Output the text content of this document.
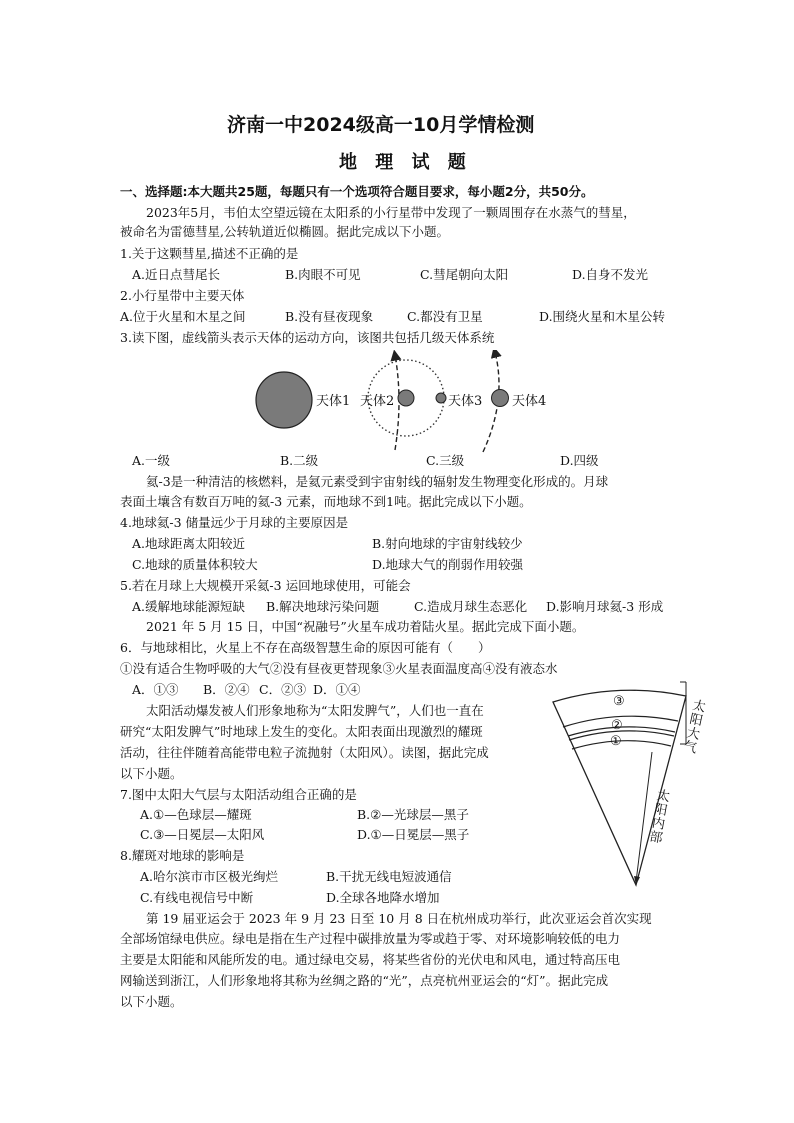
济南一中2024级高一10月学情检测
地 理 试 题
一、选择题:本大题共25题，每题只有一个选项符合题目要求，每小题2分，共50分。
2023年5月，韦伯太空望远镜在太阳系的小行星带中发现了一颗周围存在水蒸气的彗星，
被命名为雷德彗星,公转轨道近似椭圆。据此完成以下小题。
1.关于这颗彗星,描述不正确的是
A.近日点彗尾长	B.肉眼不可见	C.彗尾朝向太阳	D.自身不发光
2.小行星带中主要天体
A.位于火星和木星之间	B.没有昼夜现象	C.都没有卫星	D.围绕火星和木星公转
3.读下图，虚线箭头表示天体的运动方向，该图共包括几级天体系统
天体1 天体2	天体3 天体4
A.一级	B.二级	C.三级	D.四级
氦-3是一种清洁的核燃料，是氦元素受到宇宙射线的辐射发生物理变化形成的。月球
表面土壤含有数百万吨的氦-3 元素，而地球不到1吨。据此完成以下小题。
4.地球氦-3 储量远少于月球的主要原因是
A.地球距离太阳较近	B.射向地球的宇宙射线较少
C.地球的质量体积较大	D.地球大气的削弱作用较强
5.若在月球上大规模开采氦-3 运回地球使用，可能会
A.缓解地球能源短缺 B.解决地球污染问题	C.造成月球生态恶化 D.影响月球氦-3 形成
2021 年 5 月 15 日，中国“祝融号”火星车成功着陆火星。据此完成下面小题。
6．与地球相比，火星上不存在高级智慧生命的原因可能有（　　）
①没有适合生物呼吸的大气②没有昼夜更替现象③火星表面温度高④没有液态水
A．①③ B．②④ C．②③ D．①④
太阳活动爆发被人们形象地称为“太阳发脾气”，人们也一直在
研究“太阳发脾气”时地球上发生的变化。太阳表面出现激烈的耀斑
活动，往往伴随着高能带电粒子流抛射（太阳风）。读图，据此完成
以下小题。
③
②
①
太
阳
大
气
太
阳
内
部
7.图中太阳大气层与太阳活动组合正确的是
A.①—色球层—耀斑	B.②—光球层—黑子
C.③—日冕层—太阳风	D.①—日冕层—黑子
8.耀斑对地球的影响是
A.哈尔滨市市区极光绚烂	B.干扰无线电短波通信
C.有线电视信号中断	D.全球各地降水增加
第 19 届亚运会于 2023 年 9 月 23 日至 10 月 8 日在杭州成功举行，此次亚运会首次实现
全部场馆绿电供应。绿电是指在生产过程中碳排放量为零或趋于零、对环境影响较低的电力
主要是太阳能和风能所发的电。通过绿电交易，将某些省份的光伏电和风电，通过特高压电
网输送到浙江，人们形象地将其称为丝绸之路的“光”，点亮杭州亚运会的“灯”。据此完成
以下小题。
